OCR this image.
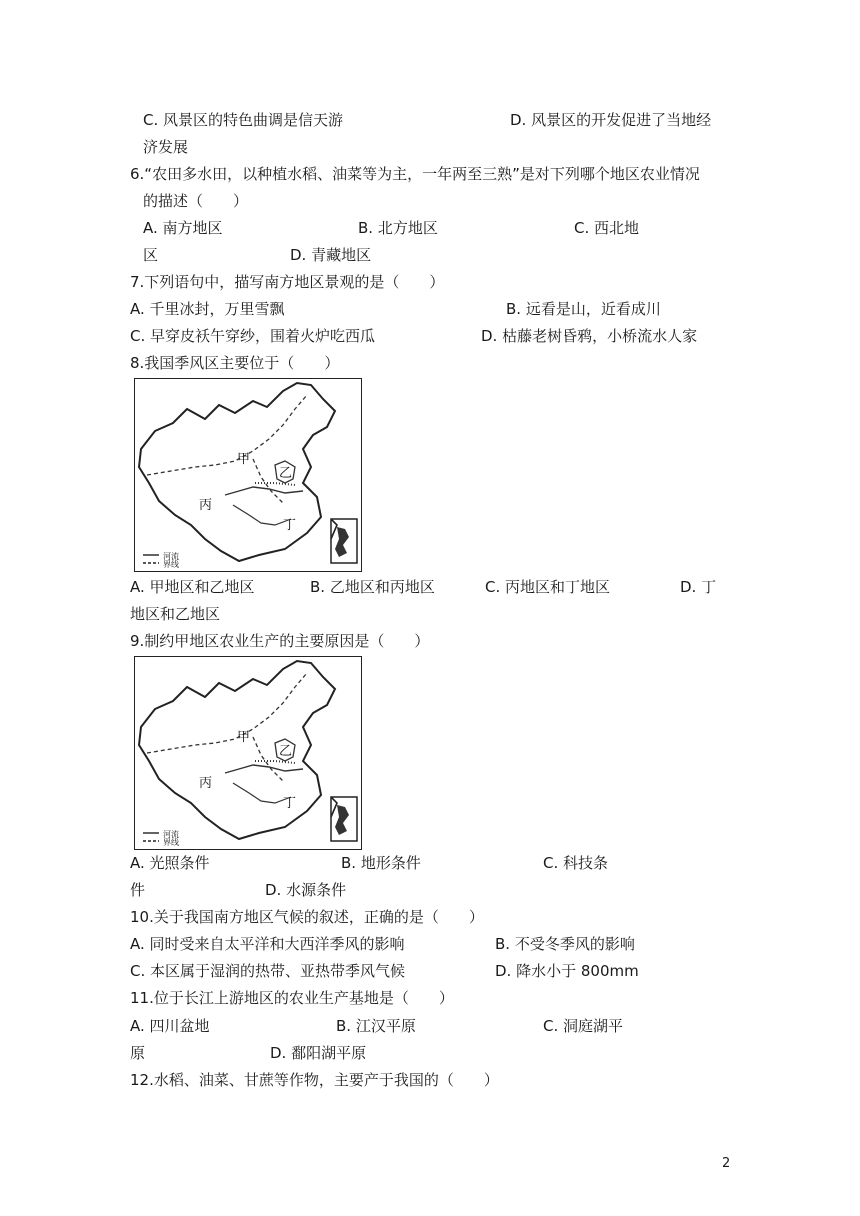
C. 风景区的特色曲调是信天游	D. 风景区的开发促进了当地经
济发展
6.“农田多水田，以种植水稻、油菜等为主，一年两至三熟”是对下列哪个地区农业情况
的描述（　　）
A. 南方地区	B. 北方地区	C. 西北地
区	D. 青藏地区
7.下列语句中，描写南方地区景观的是（　　）
A. 千里冰封，万里雪飘	B. 远看是山，近看成川
C. 早穿皮袄午穿纱，围着火炉吃西瓜	D. 枯藤老树昏鸦，小桥流水人家
8.我国季风区主要位于（　　）
甲
乙
丙
丁
河流
界线
A. 甲地区和乙地区	B. 乙地区和丙地区	C. 丙地区和丁地区	D. 丁
地区和乙地区
9.制约甲地区农业生产的主要原因是（　　）
甲
乙
丙
丁
河流
界线
A. 光照条件	B. 地形条件	C. 科技条
件	D. 水源条件
10.关于我国南方地区气候的叙述，正确的是（　　）
A. 同时受来自太平洋和大西洋季风的影响	B. 不受冬季风的影响
C. 本区属于湿润的热带、亚热带季风气候	D. 降水小于 800mm
11.位于长江上游地区的农业生产基地是（　　）
A. 四川盆地	B. 江汉平原	C. 洞庭湖平
原	D. 鄱阳湖平原
12.水稻、油菜、甘蔗等作物，主要产于我国的（　　）
2
